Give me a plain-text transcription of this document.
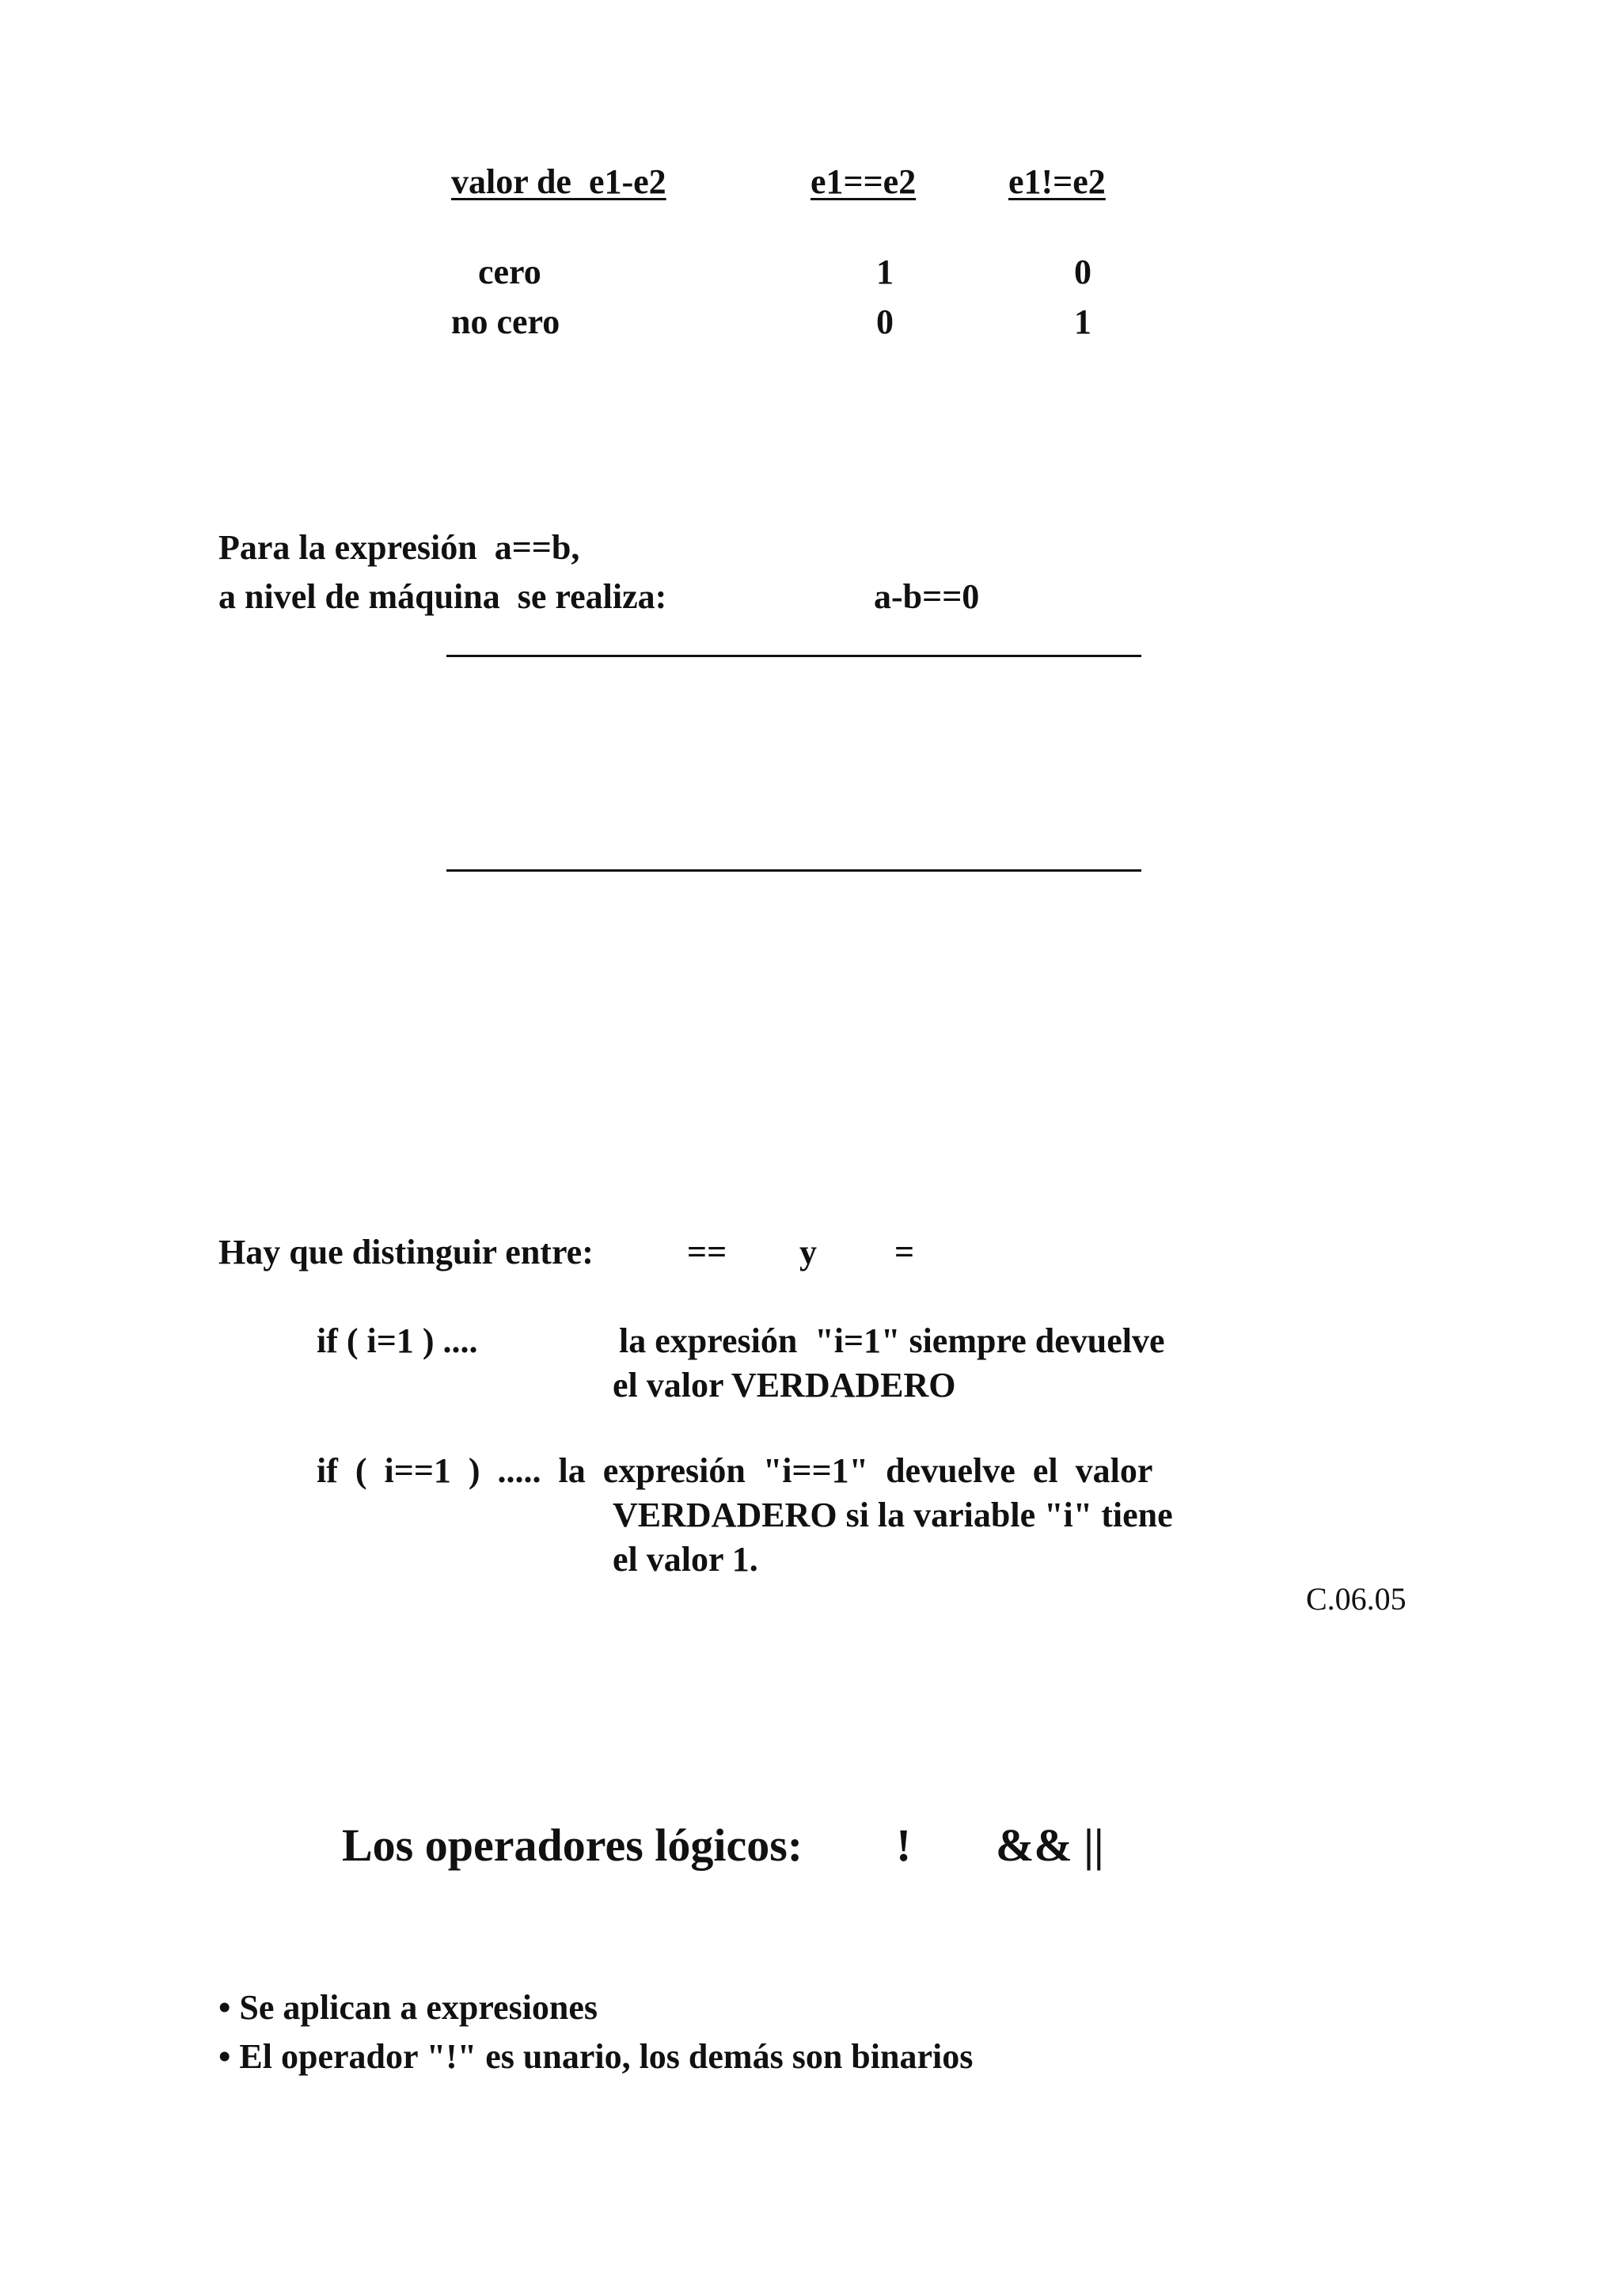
valor de  e1-e2	e1==e2	e1!=e2
cero	1	0
no cero	0	1
Para la expresión  a==b,
a nivel de máquina  se realiza:	a-b==0
Hay que distinguir entre:	== y =
if ( i=1 ) ....	la expresión  "i=1" siempre devuelve
el valor VERDADERO
if  (  i==1  )  .....  la  expresión  "i==1"  devuelve  el  valor
VERDADERO si la variable "i" tiene
el valor 1.
C.06.05
Los operadores lógicos: ! && ||
• Se aplican a expresiones
• El operador "!" es unario, los demás son binarios
